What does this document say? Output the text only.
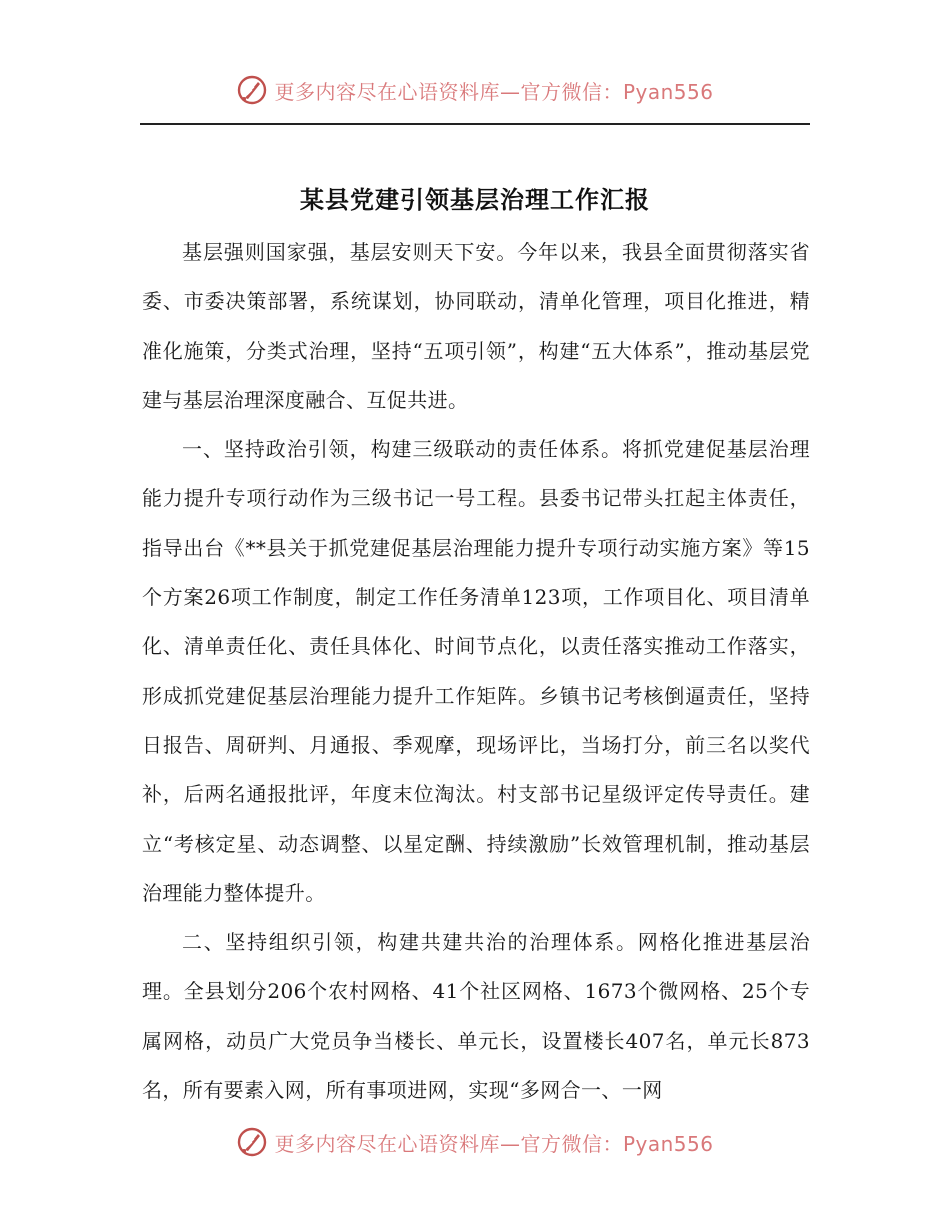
更多内容尽在心语资料库—官方微信：Pyan556
某县党建引领基层治理工作汇报

基层强则国家强，基层安则天下安。今年以来，我县全面贯彻落实省委、市委决策部署，系统谋划，协同联动，清单化管理，项目化推进，精准化施策，分类式治理，坚持“五项引领”，构建“五大体系”，推动基层党建与基层治理深度融合、互促共进。

一、坚持政治引领，构建三级联动的责任体系。将抓党建促基层治理能力提升专项行动作为三级书记一号工程。县委书记带头扛起主体责任，指导出台《**县关于抓党建促基层治理能力提升专项行动实施方案》等15个方案26项工作制度，制定工作任务清单123项，工作项目化、项目清单化、清单责任化、责任具体化、时间节点化，以责任落实推动工作落实，形成抓党建促基层治理能力提升工作矩阵。乡镇书记考核倒逼责任，坚持日报告、周研判、月通报、季观摩，现场评比，当场打分，前三名以奖代补，后两名通报批评，年度末位淘汰。村支部书记星级评定传导责任。建立“考核定星、动态调整、以星定酬、持续激励”长效管理机制，推动基层治理能力整体提升。

二、坚持组织引领，构建共建共治的治理体系。网格化推进基层治理。全县划分206个农村网格、41个社区网格、1673个微网格、25个专属网格，动员广大党员争当楼长、单元长，设置楼长407名，单元长873名，所有要素入网，所有事项进网，实现“多网合一、一网

更多内容尽在心语资料库—官方微信：Pyan556
